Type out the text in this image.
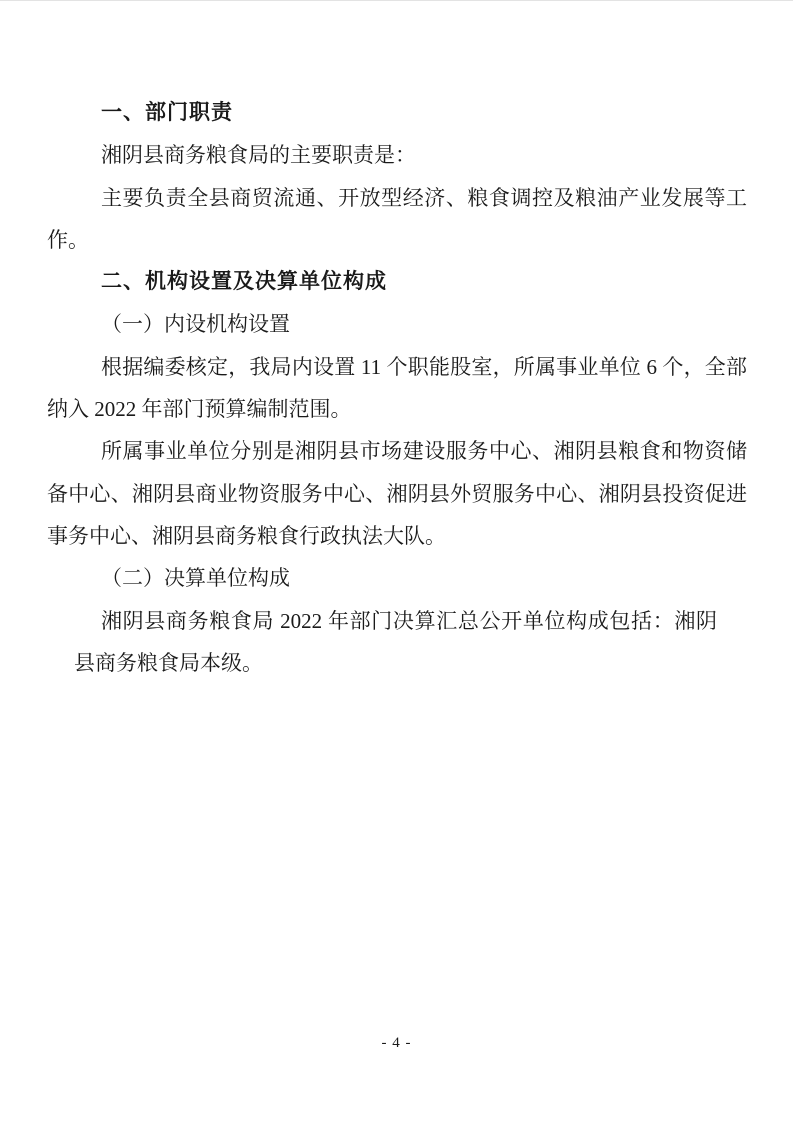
一、部门职责

湘阴县商务粮食局的主要职责是：

主要负责全县商贸流通、开放型经济、粮食调控及粮油产业发展等工作。

二、机构设置及决算单位构成
（一）内设机构设置

根据编委核定，我局内设置 11 个职能股室，所属事业单位 6 个，全部纳入 2022 年部门预算编制范围。

所属事业单位分别是湘阴县市场建设服务中心、湘阴县粮食和物资储备中心、湘阴县商业物资服务中心、湘阴县外贸服务中心、湘阴县投资促进事务中心、湘阴县商务粮食行政执法大队。

（二）决算单位构成

湘阴县商务粮食局 2022 年部门决算汇总公开单位构成包括：湘阴县商务粮食局本级。

- 4 -
